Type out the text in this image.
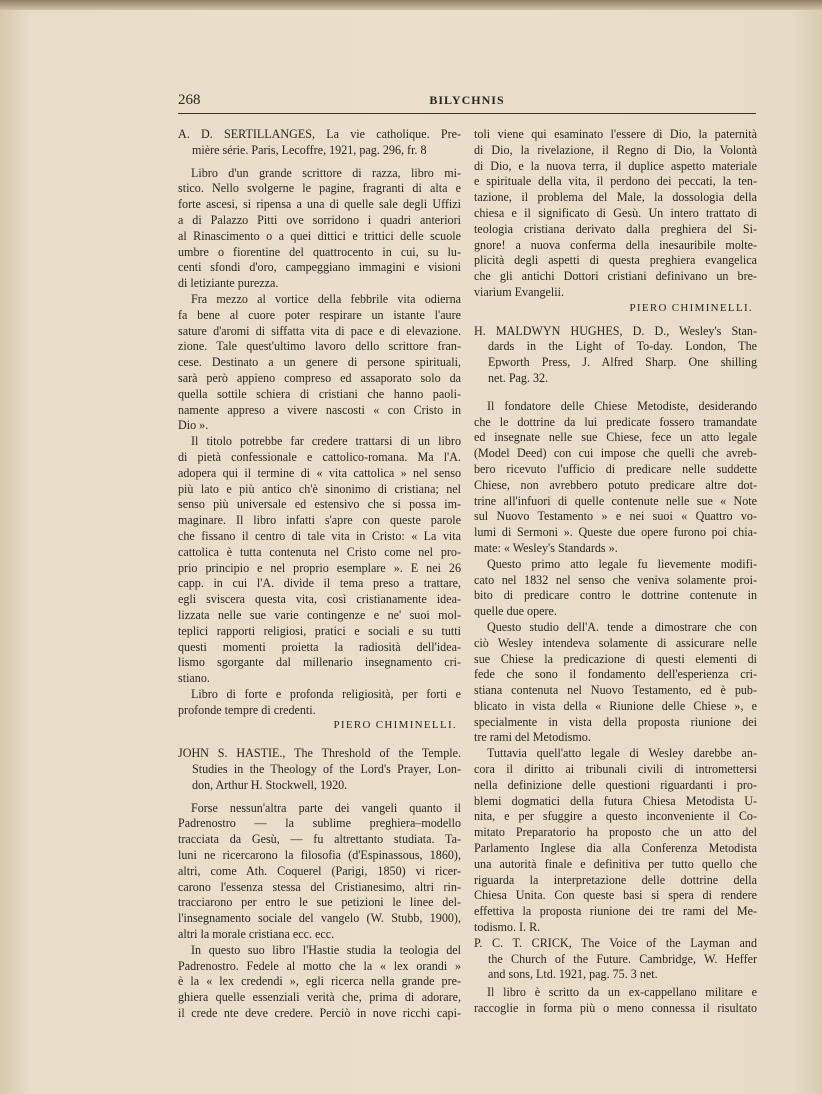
268	BILYCHNIS
A. D. SERTILLANGES, La vie catholique. Pre-
mière série. Paris, Lecoffre, 1921, pag. 296, fr. 8
Libro d'un grande scrittore di razza, libro mi-
stico. Nello svolgerne le pagine, fragranti di alta e
forte ascesi, si ripensa a una di quelle sale degli Uffizi
a di Palazzo Pitti ove sorridono i quadri anteriori
al Rinascimento o a quei dittici e trittici delle scuole
umbre o fiorentine del quattrocento in cui, su lu-
centi sfondi d'oro, campeggiano immagini e visioni
di letiziante purezza.
Fra mezzo al vortice della febbrile vita odierna
fa bene al cuore poter respirare un istante l'aure
sature d'aromi di siffatta vita di pace e di elevazione.
zione. Tale quest'ultimo lavoro dello scrittore fran-
cese. Destinato a un genere di persone spirituali,
sarà però appieno compreso ed assaporato solo da
quella sottile schiera di cristiani che hanno paoli-
namente appreso a vivere nascosti « con Cristo in
Dio ».
Il titolo potrebbe far credere trattarsi di un libro
di pietà confessionale e cattolico-romana. Ma l'A.
adopera qui il termine di « vita cattolica » nel senso
più lato e più antico ch'è sinonimo di cristiana; nel
senso più universale ed estensivo che si possa im-
maginare. Il libro infatti s'apre con queste parole
che fissano il centro di tale vita in Cristo: « La vita
cattolica è tutta contenuta nel Cristo come nel pro-
prio principio e nel proprio esemplare ». E nei 26
capp. in cui l'A. divide il tema preso a trattare,
egli sviscera questa vita, così cristianamente idea-
lizzata nelle sue varie contingenze e ne' suoi mol-
teplici rapporti religiosi, pratici e sociali e su tutti
questi momenti proietta la radiosità dell'idea-
lismo sgorgante dal millenario insegnamento cri-
stiano.
Libro di forte e profonda religiosità, per forti e
profonde tempre di credenti.
PIERO CHIMINELLI.
JOHN S. HASTIE., The Threshold of the Temple.
Studies in the Theology of the Lord's Prayer, Lon-
don, Arthur H. Stockwell, 1920.
Forse nessun'altra parte dei vangeli quanto il
Padrenostro — la sublime preghiera–modello
tracciata da Gesù, — fu altrettanto studiata. Ta-
luni ne ricercarono la filosofia (d'Espinassous, 1860),
altri, come Ath. Coquerel (Parigi, 1850) vi ricer-
carono l'essenza stessa del Cristianesimo, altri rin-
tracciarono per entro le sue petizioni le linee del-
l'insegnamento sociale del vangelo (W. Stubb, 1900),
altri la morale cristiana ecc. ecc.
In questo suo libro l'Hastie studia la teologia del
Padrenostro. Fedele al motto che la « lex orandi »
è la « lex credendi », egli ricerca nella grande pre-
ghiera quelle essenziali verità che, prima di adorare,
il crede nte deve credere. Perciò in nove ricchi capi-
toli viene qui esaminato l'essere di Dio, la paternità
di Dio, la rivelazione, il Regno di Dio, la Volontà
di Dio, e la nuova terra, il duplice aspetto materiale
e spirituale della vita, il perdono dei peccati, la ten-
tazione, il problema del Male, la dossologia della
chiesa e il significato di Gesù. Un intero trattato di
teologia cristiana derivato dalla preghiera del Si-
gnore! a nuova conferma della inesauribile molte-
plicità degli aspetti di questa preghiera evangelica
che gli antichi Dottori cristiani definivano un bre-
viarium Evangelii.
PIERO CHIMINELLI.
H. MALDWYN HUGHES, D. D., Wesley's Stan-
dards in the Light of To-day. London, The
Epworth Press, J. Alfred Sharp. One shilling
net. Pag. 32.
Il fondatore delle Chiese Metodiste, desiderando
che le dottrine da lui predicate fossero tramandate
ed insegnate nelle sue Chiese, fece un atto legale
(Model Deed) con cui impose che quelli che avreb-
bero ricevuto l'ufficio di predicare nelle suddette
Chiese, non avrebbero potuto predicare altre dot-
trine all'infuori di quelle contenute nelle sue « Note
sul Nuovo Testamento » e nei suoi « Quattro vo-
lumi di Sermoni ». Queste due opere furono poi chia-
mate: « Wesley's Standards ».
Questo primo atto legale fu lievemente modifi-
cato nel 1832 nel senso che veniva solamente proi-
bito di predicare contro le dottrine contenute in
quelle due opere.
Questo studio dell'A. tende a dimostrare che con
ciò Wesley intendeva solamente di assicurare nelle
sue Chiese la predicazione di questi elementi di
fede che sono il fondamento dell'esperienza cri-
stiana contenuta nel Nuovo Testamento, ed è pub-
blicato in vista della « Riunione delle Chiese », e
specialmente in vista della proposta riunione dei
tre rami del Metodismo.
Tuttavia quell'atto legale di Wesley darebbe an-
cora il diritto ai tribunali civili di intromettersi
nella definizione delle questioni riguardanti i pro-
blemi dogmatici della futura Chiesa Metodista U-
nita, e per sfuggire a questo inconveniente il Co-
mitato Preparatorio ha proposto che un atto del
Parlamento Inglese dia alla Conferenza Metodista
una autorità finale e definitiva per tutto quello che
riguarda la interpretazione delle dottrine della
Chiesa Unita. Con queste basi si spera di rendere
effettiva la proposta riunione dei tre rami del Me-
todismo. I. R.
P. C. T. CRICK, The Voice of the Layman and
the Church of the Future. Cambridge, W. Heffer
and sons, Ltd. 1921, pag. 75. 3 net.
Il libro è scritto da un ex-cappellano militare e
raccoglie in forma più o meno connessa il risultato
